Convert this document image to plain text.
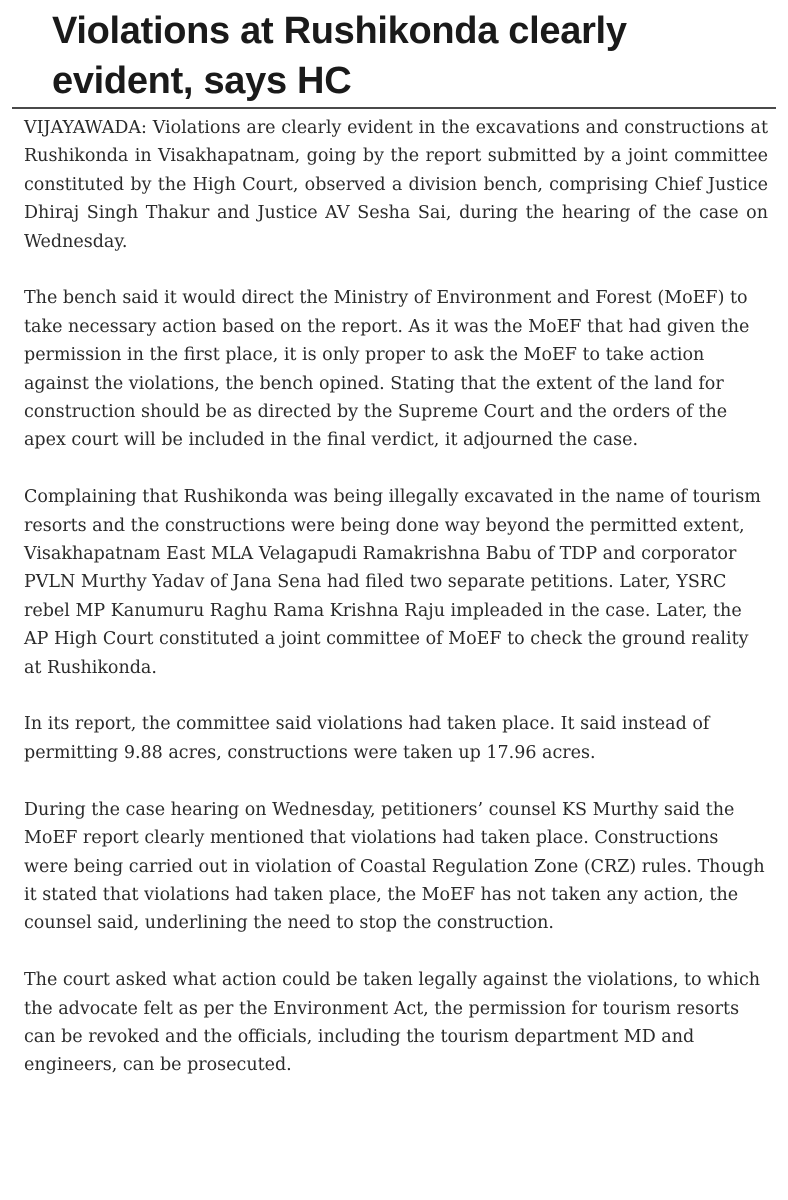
Violations at Rushikonda clearly evident, says HC

VIJAYAWADA: Violations are clearly evident in the excavations and constructions at Rushikonda in Visakhapatnam, going by the report submitted by a joint committee constituted by the High Court, observed a division bench, comprising Chief Justice Dhiraj Singh Thakur and Justice AV Sesha Sai, during the hearing of the case on Wednesday.

The bench said it would direct the Ministry of Environment and Forest (MoEF) to take necessary action based on the report. As it was the MoEF that had given the permission in the first place, it is only proper to ask the MoEF to take action against the violations, the bench opined. Stating that the extent of the land for construction should be as directed by the Supreme Court and the orders of the apex court will be included in the final verdict, it adjourned the case.

Complaining that Rushikonda was being illegally excavated in the name of tourism resorts and the constructions were being done way beyond the permitted extent, Visakhapatnam East MLA Velagapudi Ramakrishna Babu of TDP and corporator PVLN Murthy Yadav of Jana Sena had filed two separate petitions. Later, YSRC rebel MP Kanumuru Raghu Rama Krishna Raju impleaded in the case. Later, the AP High Court constituted a joint committee of MoEF to check the ground reality at Rushikonda.

In its report, the committee said violations had taken place. It said instead of permitting 9.88 acres, constructions were taken up 17.96 acres.

During the case hearing on Wednesday, petitioners’ counsel KS Murthy said the MoEF report clearly mentioned that violations had taken place. Constructions were being carried out in violation of Coastal Regulation Zone (CRZ) rules. Though it stated that violations had taken place, the MoEF has not taken any action, the counsel said, underlining the need to stop the construction.

The court asked what action could be taken legally against the violations, to which the advocate felt as per the Environment Act, the permission for tourism resorts can be revoked and the officials, including the tourism department MD and engineers, can be prosecuted.
